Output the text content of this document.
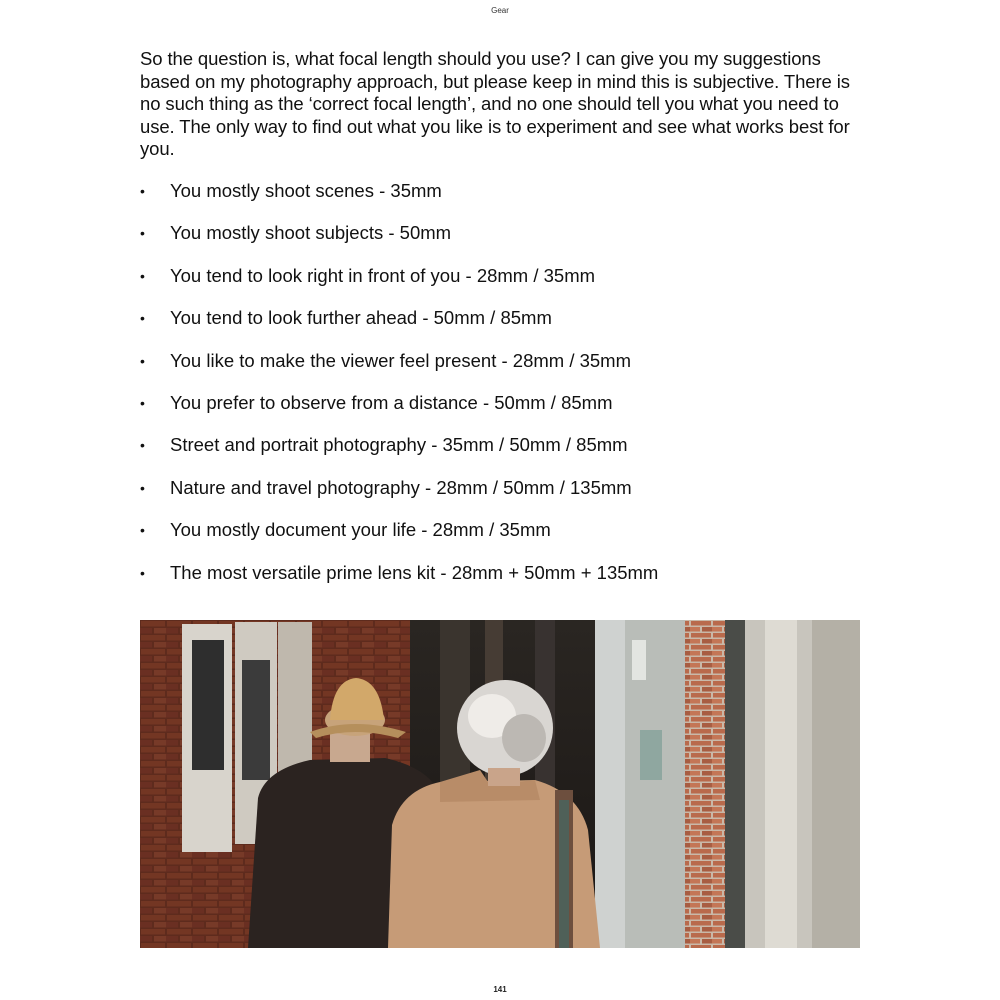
Gear

So the question is, what focal length should you use? I can give you my suggestions based on my photography approach, but please keep in mind this is subjective. There is no such thing as the ‘correct focal length’, and no one should tell you what you need to use. The only way to find out what you like is to experiment and see what works best for you.

• You mostly shoot scenes - 35mm
• You mostly shoot subjects - 50mm
• You tend to look right in front of you - 28mm / 35mm
• You tend to look further ahead - 50mm / 85mm
• You like to make the viewer feel present - 28mm / 35mm
• You prefer to observe from a distance - 50mm / 85mm
• Street and portrait photography - 35mm / 50mm / 85mm
• Nature and travel photography - 28mm / 50mm / 135mm
• You mostly document your life - 28mm / 35mm
• The most versatile prime lens kit - 28mm + 50mm + 135mm
141
